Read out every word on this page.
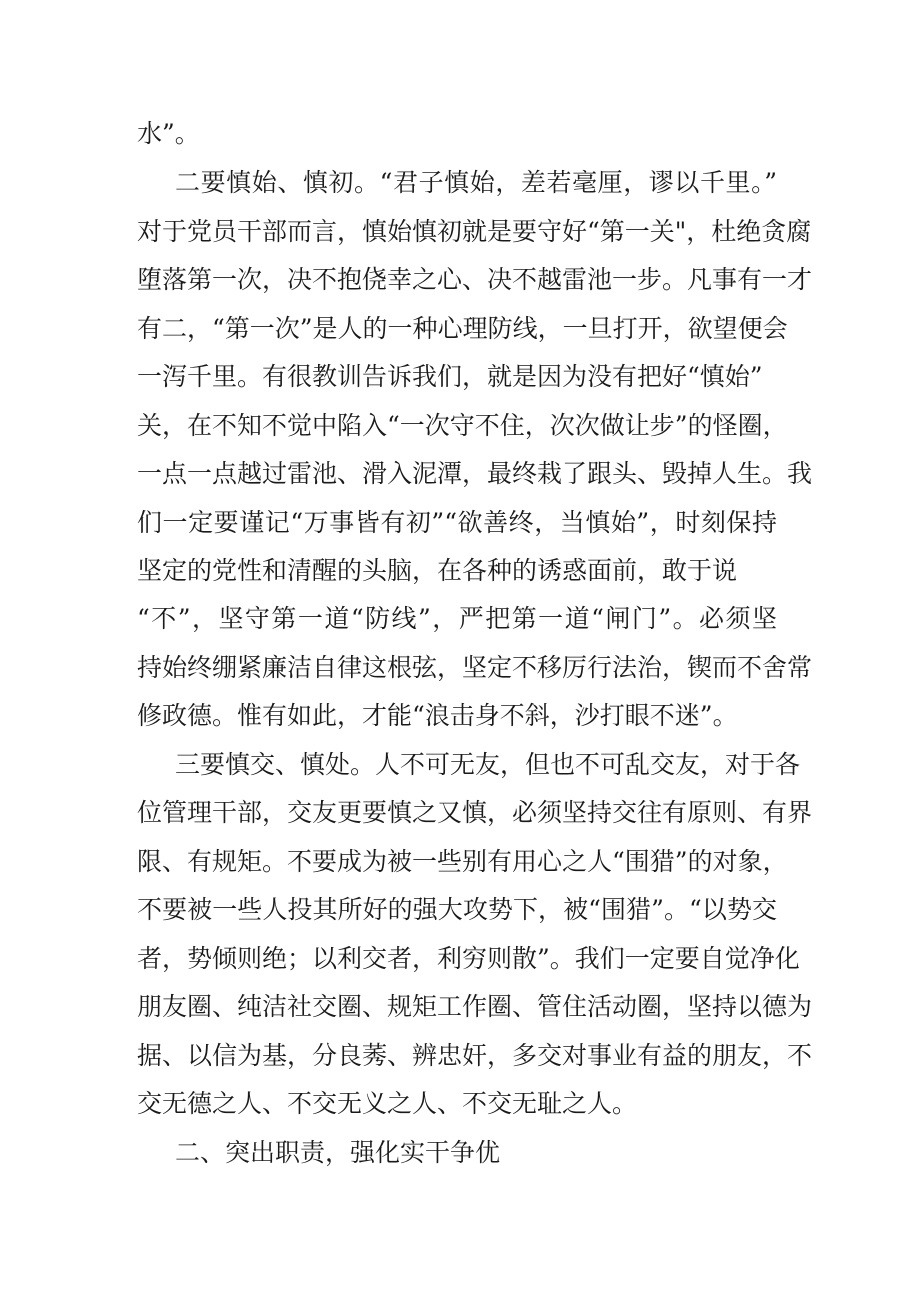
水”。
二要慎始、慎初。“君子慎始，差若毫厘，谬以千里。”
对于党员干部而言，慎始慎初就是要守好“第一关"，杜绝贪腐
堕落第一次，决不抱侥幸之心、决不越雷池一步。凡事有一才
有二，“第一次”是人的一种心理防线，一旦打开，欲望便会
一泻千里。有很教训告诉我们，就是因为没有把好“慎始”
关，在不知不觉中陷入“一次守不住，次次做让步”的怪圈，
一点一点越过雷池、滑入泥潭，最终栽了跟头、毁掉人生。我
们一定要谨记“万事皆有初”“欲善终，当慎始”，时刻保持
坚定的党性和清醒的头脑，在各种的诱惑面前，敢于说
“不”，坚守第一道“防线”，严把第一道“闸门”。必须坚
持始终绷紧廉洁自律这根弦，坚定不移厉行法治，锲而不舍常
修政德。惟有如此，才能“浪击身不斜，沙打眼不迷”。
三要慎交、慎处。人不可无友，但也不可乱交友，对于各
位管理干部，交友更要慎之又慎，必须坚持交往有原则、有界
限、有规矩。不要成为被一些别有用心之人“围猎”的对象，
不要被一些人投其所好的强大攻势下，被“围猎”。“以势交
者，势倾则绝；以利交者，利穷则散”。我们一定要自觉净化
朋友圈、纯洁社交圈、规矩工作圈、管住活动圈，坚持以德为
据、以信为基，分良莠、辨忠奸，多交对事业有益的朋友，不
交无德之人、不交无义之人、不交无耻之人。
二、突出职责，强化实干争优
